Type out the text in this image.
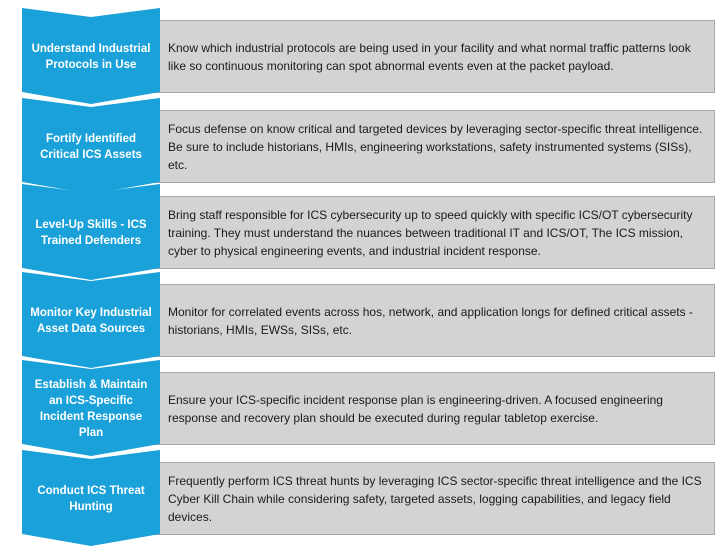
Know which industrial protocols are being used in your facility and what normal traffic patterns look like so continuous monitoring can spot abnormal events even at the packet payload.
Understand Industrial Protocols in Use
Focus defense on know critical and targeted devices by leveraging sector-specific threat intelligence. Be sure to include historians, HMIs, engineering workstations, safety instrumented systems (SISs), etc.
Fortify Identified Critical ICS Assets
Bring staff responsible for ICS cybersecurity up to speed quickly with specific ICS/OT cybersecurity training. They must understand the nuances between traditional IT and ICS/OT, The ICS mission, cyber to physical engineering events, and industrial incident response.
Level-Up Skills - ICS Trained Defenders
Monitor for correlated events across hos, network, and application longs for defined critical assets - historians, HMIs, EWSs, SISs, etc.
Monitor Key Industrial Asset Data Sources
Ensure your ICS-specific incident response plan is engineering-driven. A focused engineering response and recovery plan should be executed during regular tabletop exercise.
Establish & Maintain an ICS-Specific Incident Response Plan
Frequently perform ICS threat hunts by leveraging ICS sector-specific threat intelligence and the ICS Cyber Kill Chain while considering safety, targeted assets, logging capabilities, and legacy field devices.
Conduct ICS Threat Hunting
